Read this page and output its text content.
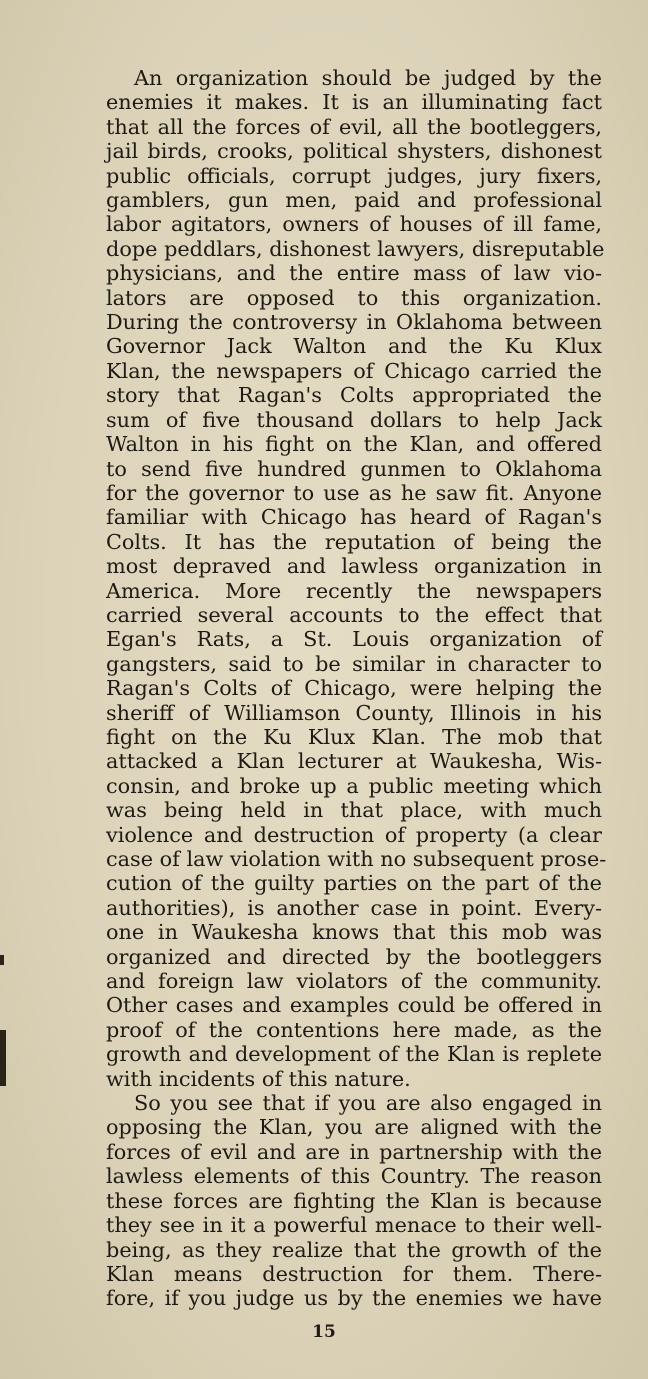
An organization should be judged by the
enemies it makes. It is an illuminating fact
that all the forces of evil, all the bootleggers,
jail birds, crooks, political shysters, dishonest
public officials, corrupt judges, jury fixers,
gamblers, gun men, paid and professional
labor agitators, owners of houses of ill fame,
dope peddlars, dishonest lawyers, disreputable
physicians, and the entire mass of law vio-
lators are opposed to this organization.
During the controversy in Oklahoma between
Governor Jack Walton and the Ku Klux
Klan, the newspapers of Chicago carried the
story that Ragan's Colts appropriated the
sum of five thousand dollars to help Jack
Walton in his fight on the Klan, and offered
to send five hundred gunmen to Oklahoma
for the governor to use as he saw fit. Anyone
familiar with Chicago has heard of Ragan's
Colts. It has the reputation of being the
most depraved and lawless organization in
America. More recently the newspapers
carried several accounts to the effect that
Egan's Rats, a St. Louis organization of
gangsters, said to be similar in character to
Ragan's Colts of Chicago, were helping the
sheriff of Williamson County, Illinois in his
fight on the Ku Klux Klan. The mob that
attacked a Klan lecturer at Waukesha, Wis-
consin, and broke up a public meeting which
was being held in that place, with much
violence and destruction of property (a clear
case of law violation with no subsequent prose-
cution of the guilty parties on the part of the
authorities), is another case in point. Every-
one in Waukesha knows that this mob was
organized and directed by the bootleggers
and foreign law violators of the community.
Other cases and examples could be offered in
proof of the contentions here made, as the
growth and development of the Klan is replete
with incidents of this nature.
So you see that if you are also engaged in
opposing the Klan, you are aligned with the
forces of evil and are in partnership with the
lawless elements of this Country. The reason
these forces are fighting the Klan is because
they see in it a powerful menace to their well-
being, as they realize that the growth of the
Klan means destruction for them. There-
fore, if you judge us by the enemies we have
15
